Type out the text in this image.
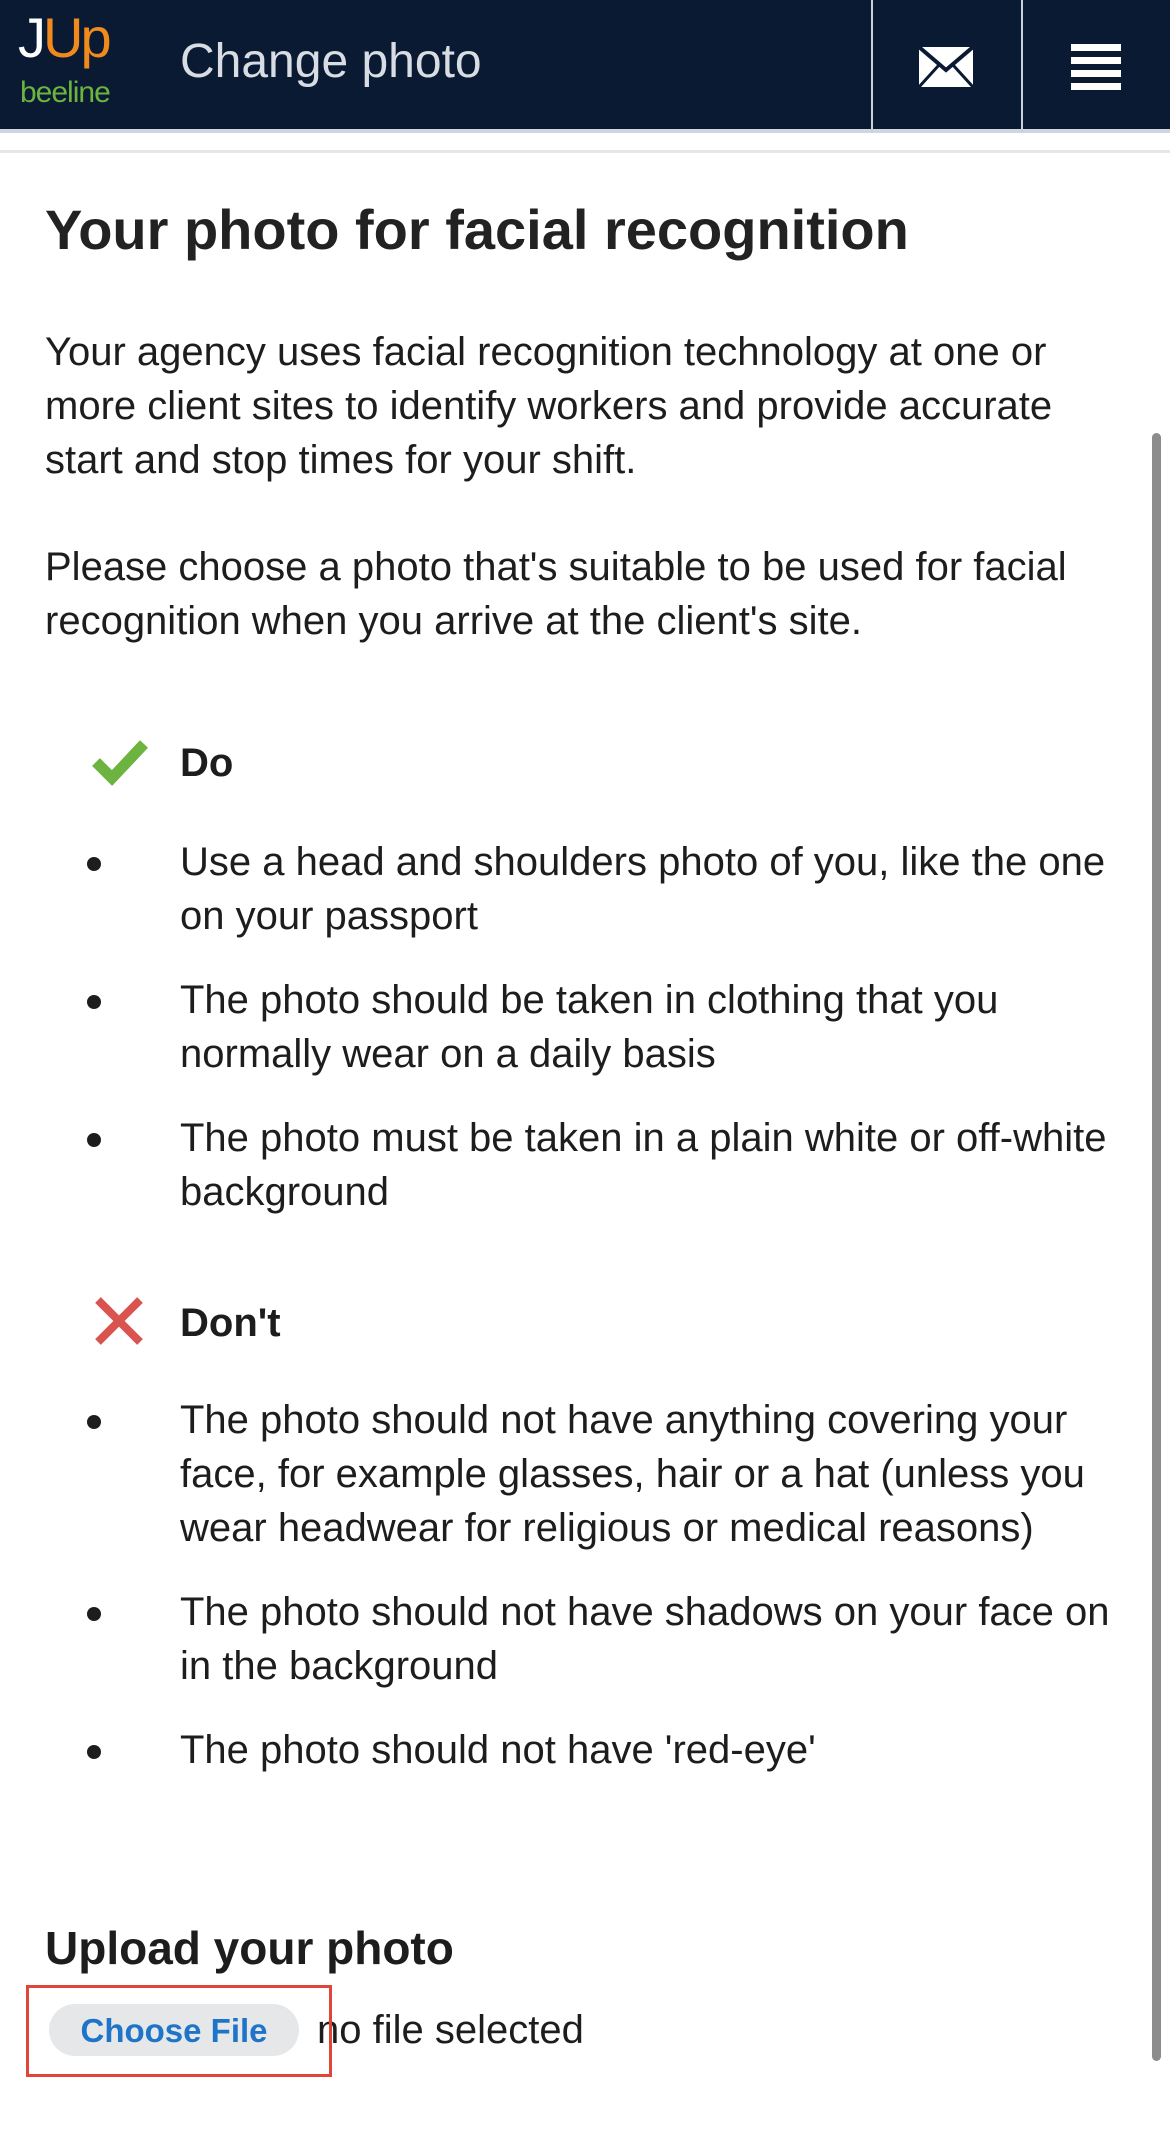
JUp
beeline
Change photo
Your photo for facial recognition

Your agency uses facial recognition technology at one or more client sites to identify workers and provide accurate start and stop times for your shift.

Please choose a photo that's suitable to be used for facial recognition when you arrive at the client's site.

Do
Use a head and shoulders photo of you, like the one on your passport
The photo should be taken in clothing that you normally wear on a daily basis
The photo must be taken in a plain white or off-white background
Don't
The photo should not have anything covering your face, for example glasses, hair or a hat (unless you wear headwear for religious or medical reasons)
The photo should not have shadows on your face on in the background
The photo should not have 'red-eye'
Upload your photo
Choose File	no file selected
